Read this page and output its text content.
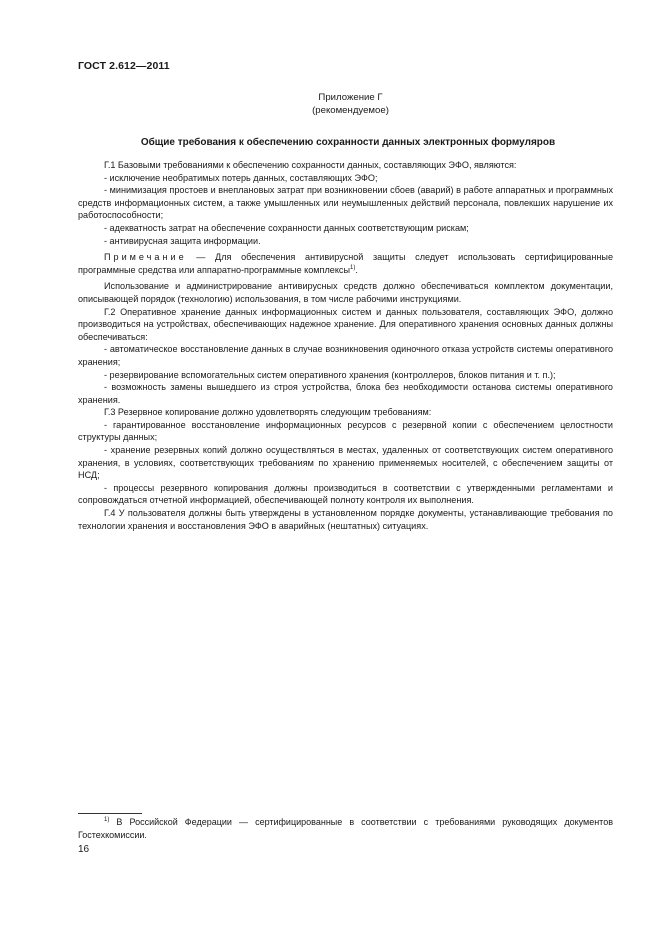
ГОСТ 2.612—2011
Приложение Г
(рекомендуемое)
Общие требования к обеспечению сохранности данных электронных формуляров

Г.1 Базовыми требованиями к обеспечению сохранности данных, составляющих ЭФО, являются:

- исключение необратимых потерь данных, составляющих ЭФО;

- минимизация простоев и внеплановых затрат при возникновении сбоев (аварий) в работе аппаратных и программных средств информационных систем, а также умышленных или неумышленных действий персонала, повлекших нарушение их работоспособности;

- адекватность затрат на обеспечение сохранности данных соответствующим рискам;

- антивирусная защита информации.

Примечание — Для обеспечения антивирусной защиты следует использовать сертифицированные программные средства или аппаратно-программные комплексы$^{1)}$.

Использование и администрирование антивирусных средств должно обеспечиваться комплектом документации, описывающей порядок (технологию) использования, в том числе рабочими инструкциями.

Г.2 Оперативное хранение данных информационных систем и данных пользователя, составляющих ЭФО, должно производиться на устройствах, обеспечивающих надежное хранение. Для оперативного хранения основных данных должны обеспечиваться:

- автоматическое восстановление данных в случае возникновения одиночного отказа устройств системы оперативного хранения;

- резервирование вспомогательных систем оперативного хранения (контроллеров, блоков питания и т. п.);

- возможность замены вышедшего из строя устройства, блока без необходимости останова системы оперативного хранения.

Г.3 Резервное копирование должно удовлетворять следующим требованиям:

- гарантированное восстановление информационных ресурсов с резервной копии с обеспечением целостности структуры данных;

- хранение резервных копий должно осуществляться в местах, удаленных от соответствующих систем оперативного хранения, в условиях, соответствующих требованиям по хранению применяемых носителей, с обеспечением защиты от НСД;

- процессы резервного копирования должны производиться в соответствии с утвержденными регламентами и сопровождаться отчетной информацией, обеспечивающей полноту контроля их выполнения.

Г.4 У пользователя должны быть утверждены в установленном порядке документы, устанавливающие требования по технологии хранения и восстановления ЭФО в аварийных (нештатных) ситуациях.

$^{1)}$ В Российской Федерации — сертифицированные в соответствии с требованиями руководящих документов Гостехкомиссии.

16
